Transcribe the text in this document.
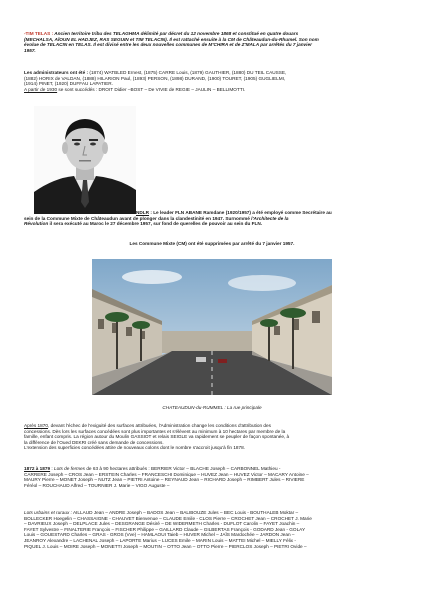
-TIM TELAS : Ancien territoire tribu des TELAGHMA délimité par décret du 12 novembre 1868 et constitué en quatre douars

(MECHALSA, AÏOUN EL HADJEZ, RAS SEGUIN et TIM TELACIN). Il est rattaché ensuite à la CM de Châteaudun-du-Rhumel. Son nom

évolue de TELACIN en TELAS. Il est divisé entre les deux nouvelles communes de M'CHIRA et de Z'MALA par arrêtés du 7 janvier

1957.

Les administrateurs ont été : (1874) WATBLED Ernest, (1875) CARRE Louis, (1879) GAUTHIER, (1880) DU TEIL CAUSSE,

(1882) HORIX de VALDAN, (1888) HILARION Paul, (1893) PERSON, (1898) DURAND, (1900) TOURET, (1905) GUGLIELMI,

(1914) PINET, (1920) DUFFAU LAPATIER.

A partir de 1930 se sont succédés : DROIT Didier –BOST – De VIVIE de REGIE – JAULIN – BELLIMOTTI.

NDLR : Le leader FLN ABANE Ramdane (1920/1957) a été employé comme Secrétaire au

sein de la Commune Mixte de Châteaudun avant de plonger dans la clandestinité en 1947. Surnommé l'Architecte de la

Révolution il sera exécuté au Maroc le 27 décembre 1957, sur fond de querelles de pouvoir au sein du FLN.

Les Commune Mixte (CM) ont été supprimées par arrêté du 7 janvier 1957.

CHATEAUDUN-du-RUMMEL : La rue principale

Après 1870, devant l'échec de l'exiguité des surfaces attribuées, l'Administration change les conditions d'attribution des

concessions. Dès lors les surfaces concédées sont plus importantes et s'élèvent au minimum à 10 hectares par membre de la

famille, enfant compris. La région autour du Moulin GASSIOT et relais SEIGLE va rapidement se peupler de façon spontanée, à

la différence de l'Oued DEKRI créé sans demande de concessions.

L'extension des superficies concédées attire de nouveaux colons dont le nombre s'accroit jusqu'à fin 1878.

1872 à 1879 : Lots de fermes de 63 à 90 hectares attribués : BERRIER Victor – BLACHE Joseph – CARBONNEL Mathieu -

CARRERE Joseph – CROS Jean – ERSTEIN Charles – FRANCESCHI Dominique – HUVEZ Jean – HUVEZ Victor – MACARY Antoine –

MAURY Pierre – MONET Joseph – NUTZ Jean – PIETRI Antoine – REYNAUD Jean – RICHARD Joseph – RIMBERT Jules – RIVIERE

Féréol – ROUCHAUD Alfred – TOURNIER J. Marie – VIGO Auguste –

Lots urbains et ruraux : AILLAUD Jean – ANDRE Joseph – BADOS Jean – BALIBOUZE Jules – BEC Louis - BOUTHALEB Moktar –

BOLLECKER Hoegelin – CHASSAIGNE - CHAUVET Bienvenue – CLAUDE Emile - CLOS Pierre – CROCHET Jean – CROCHET J. Marie

– DAVRIEUX Joseph – DELPLACE Jules – DESGRANGE Désiré – DE WIDERMETH Charles - DUFLOT Carolin – FAYET Joachin –

FAYET Sylvestre – FINALTERIE François – FISCHER Philippe – GAILLARD Claude – GILBERTAS François - GODARD Jean - GOLAY

Louis – GOUESTARD Charles – GRAS - GROS (Vve) – HAMLAOUI Taieb – HUVER Michel – JAÏS Mardochée – JARDON Jean –

JEANROY Alexandre – LACHENAL Joseph – LAPORTE Marius – LUCES Emile – MARIN Louis – MATTEI Michel – MIELLY Félix -

PIQUEL J. Louis – MOIRE Joseph – MONETTI Joseph – MOUTIN – OTTO Jean – OTTO Pierre – PIERCLOS Joseph – PIETRI Ovide –
